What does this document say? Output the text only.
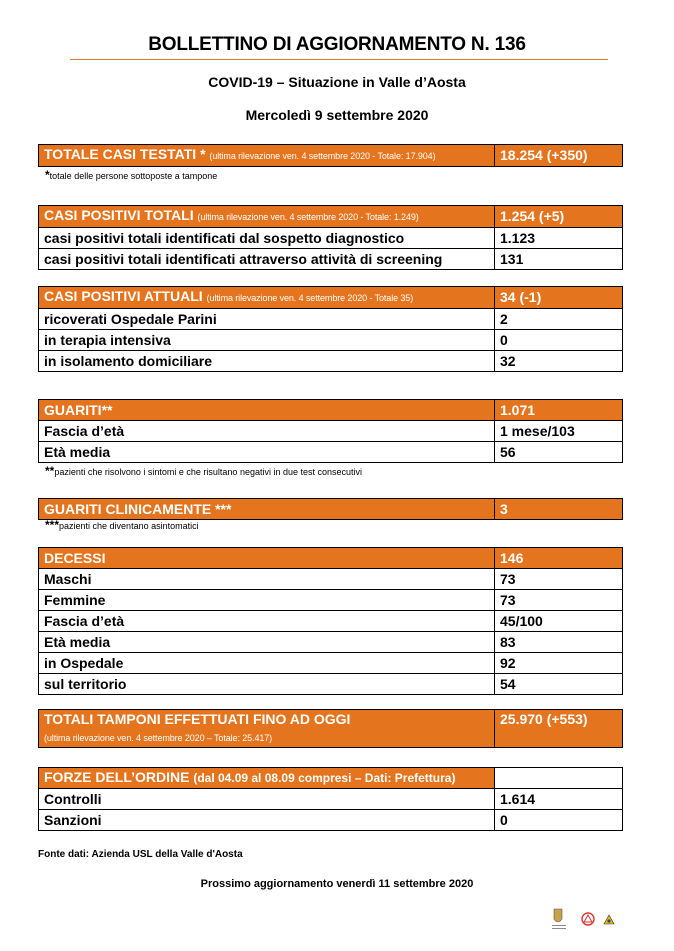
BOLLETTINO DI AGGIORNAMENTO N. 136
COVID-19 – Situazione in Valle d’Aosta
Mercoledì 9 settembre 2020
TOTALE CASI TESTATI * (ultima rilevazione ven. 4 settembre 2020 - Totale: 17.904)	18.254 (+350)
*totale delle persone sottoposte a tampone
CASI POSITIVI TOTALI (ultima rilevazione ven. 4 settembre 2020 - Totale: 1.249)	1.254 (+5)
casi positivi totali identificati dal sospetto diagnostico	1.123
casi positivi totali identificati attraverso attività di screening	131
CASI POSITIVI ATTUALI (ultima rilevazione ven. 4 settembre 2020 - Totale 35)	34 (-1)
ricoverati Ospedale Parini	2
in terapia intensiva	0
in isolamento domiciliare	32
GUARITI**	1.071
Fascia d’età	1 mese/103
Età media	56
**pazienti che risolvono i sintomi e che risultano negativi in due test consecutivi
GUARITI CLINICAMENTE ***	3
***pazienti che diventano asintomatici
DECESSI	146
Maschi	73
Femmine	73
Fascia d’età	45/100
Età media	83
in Ospedale	92
sul territorio	54
TOTALI TAMPONI EFFETTUATI FINO AD OGGI
(ultima rilevazione ven. 4 settembre 2020 – Totale: 25.417)	25.970 (+553)
FORZE DELL’ORDINE (dal 04.09 al 08.09 compresi – Dati: Prefettura)	
Controlli	1.614
Sanzioni	0
Fonte dati: Azienda USL della Valle d'Aosta
Prossimo aggiornamento venerdì 11 settembre 2020
